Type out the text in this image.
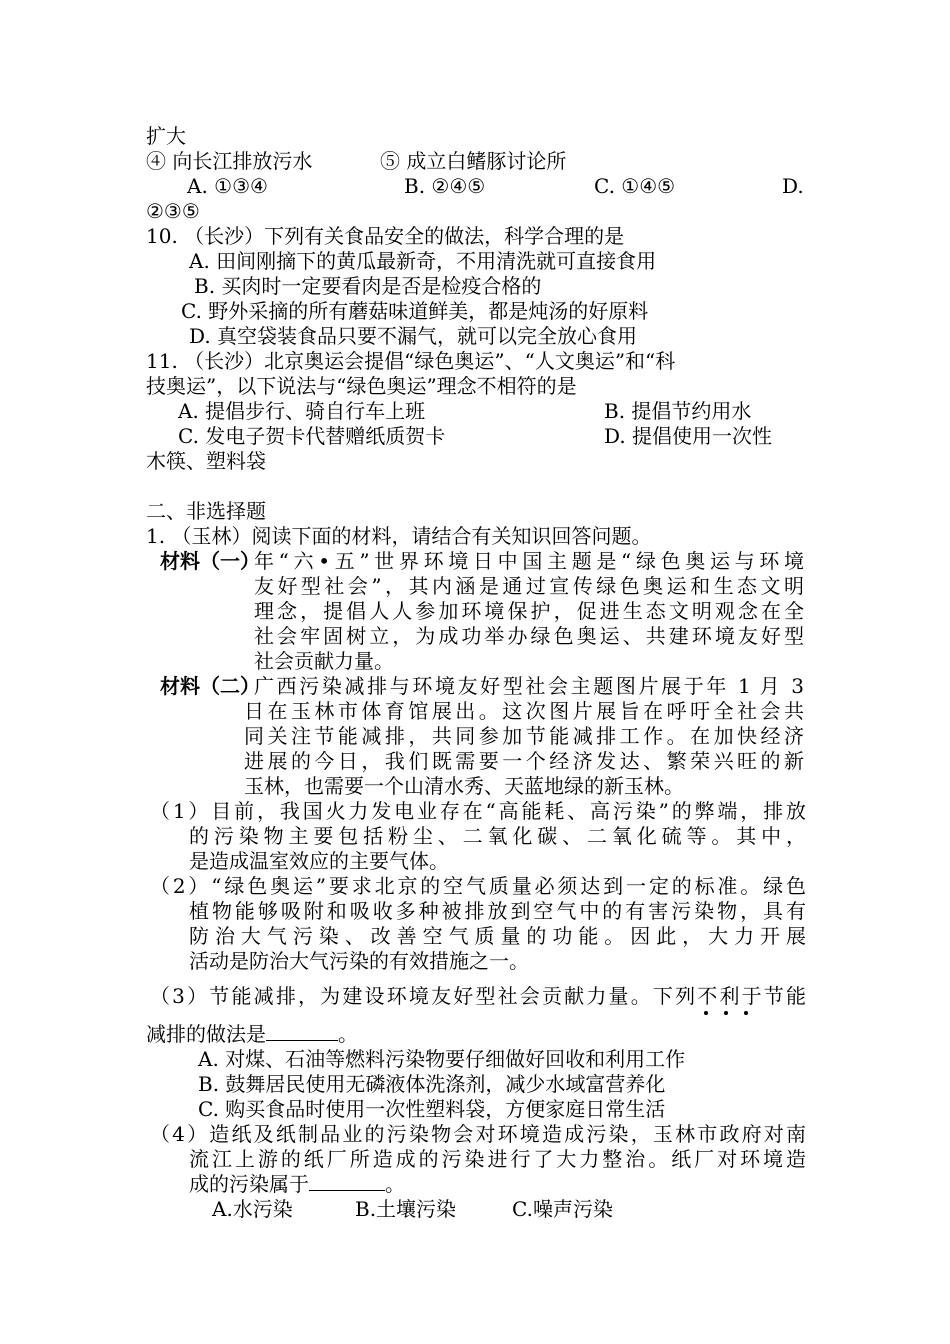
扩大
④ 向长江排放污水	⑤ 成立白鳍豚讨论所
A. ①③④	B. ②④⑤	C. ①④⑤	D.
②③⑤
10. （长沙）下列有关食品安全的做法，科学合理的是
A. 田间刚摘下的黄瓜最新奇，不用清洗就可直接食用
B. 买肉时一定要看肉是否是检疫合格的
C. 野外采摘的所有蘑菇味道鲜美，都是炖汤的好原料
D. 真空袋装食品只要不漏气，就可以完全放心食用
11. （长沙）北京奥运会提倡“绿色奥运”、“人文奥运”和“科
技奥运”，以下说法与“绿色奥运”理念不相符的是
A. 提倡步行、骑自行车上班	B. 提倡节约用水
C. 发电子贺卡代替赠纸质贺卡	D. 提倡使用一次性
木筷、塑料袋
二、非选择题
1. （玉林）阅读下面的材料，请结合有关知识回答问题。
材料（一）
年“六•五”世界环境日中国主题是“绿色奥运与环境
友好型社会”，其内涵是通过宣传绿色奥运和生态文明
理念，提倡人人参加环境保护，促进生态文明观念在全
社会牢固树立，为成功举办绿色奥运、共建环境友好型
社会贡献力量。
材料（二）
广西污染减排与环境友好型社会主题图片展于年 1 月 3
日在玉林市体育馆展出。这次图片展旨在呼吁全社会共
同关注节能减排，共同参加节能减排工作。在加快经济
进展的今日，我们既需要一个经济发达、繁荣兴旺的新
玉林，也需要一个山清水秀、天蓝地绿的新玉林。
（1）目前，我国火力发电业存在“高能耗、高污染”的弊端，排放
的污染物主要包括粉尘、二氧化碳、二氧化硫等。其中，
是造成温室效应的主要气体。
（2）“绿色奥运”要求北京的空气质量必须达到一定的标准。绿色
植物能够吸附和吸收多种被排放到空气中的有害污染物，具有
防治大气污染、改善空气质量的功能。因此，大力开展
活动是防治大气污染的有效措施之一。
（3）节能减排，为建设环境友好型社会贡献力量。下列不利于节能
减排的做法是	。
A. 对煤、石油等燃料污染物要仔细做好回收和利用工作
B. 鼓舞居民使用无磷液体洗涤剂，减少水域富营养化
C. 购买食品时使用一次性塑料袋，方便家庭日常生活
（4）造纸及纸制品业的污染物会对环境造成污染，玉林市政府对南
流江上游的纸厂所造成的污染进行了大力整治。纸厂对环境造
成的污染属于	。
A.水污染	B.土壤污染	C.噪声污染
